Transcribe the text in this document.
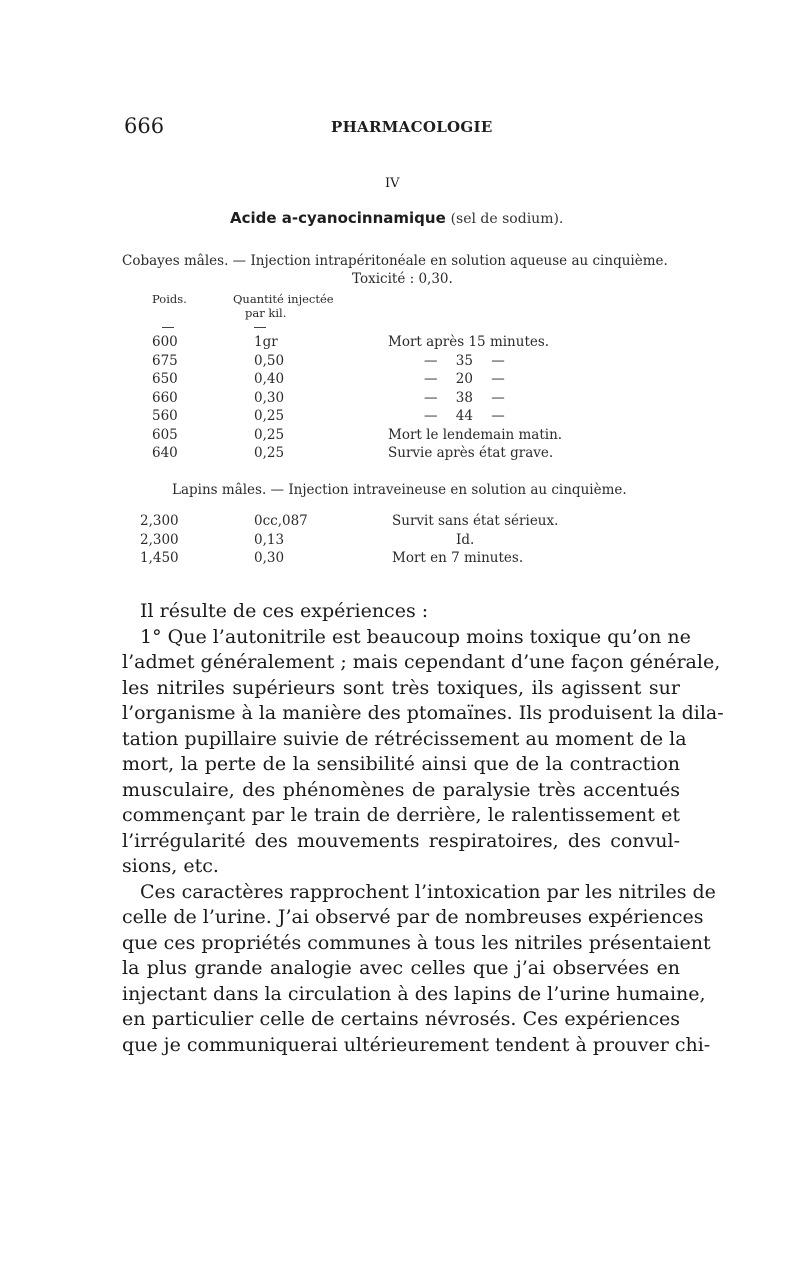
666	PHARMACOLOGIE
IV
Acide a-cyanocinnamique (sel de sodium).
Cobayes mâles. — Injection intrapéritonéale en solution aqueuse au cinquième.
Toxicité : 0,30.
Poids.	Quantité injectée
par kil.
600	1gr	Mort après 15 minutes.
675	0,50	— 35 —
650	0,40	— 20 —
660	0,30	— 38 —
560	0,25	— 44 —
605	0,25	Mort le lendemain matin.
640	0,25	Survie après état grave.
Lapins mâles. — Injection intraveineuse en solution au cinquième.
2,300	0cc,087	Survit sans état sérieux.
2,300	0,13	Id.
1,450	0,30	Mort en 7 minutes.
Il résulte de ces expériences :
1° Que l’autonitrile est beaucoup moins toxique qu’on ne
l’admet généralement ; mais cependant d’une façon générale,
les nitriles supérieurs sont très toxiques, ils agissent sur
l’organisme à la manière des ptomaïnes. Ils produisent la dila-
tation pupillaire suivie de rétrécissement au moment de la
mort, la perte de la sensibilité ainsi que de la contraction
musculaire, des phénomènes de paralysie très accentués
commençant par le train de derrière, le ralentissement et
l’irrégularité des mouvements respiratoires, des convul-
sions, etc.
Ces caractères rapprochent l’intoxication par les nitriles de
celle de l’urine. J’ai observé par de nombreuses expériences
que ces propriétés communes à tous les nitriles présentaient
la plus grande analogie avec celles que j’ai observées en
injectant dans la circulation à des lapins de l’urine humaine,
en particulier celle de certains névrosés. Ces expériences
que je communiquerai ultérieurement tendent à prouver chi-
